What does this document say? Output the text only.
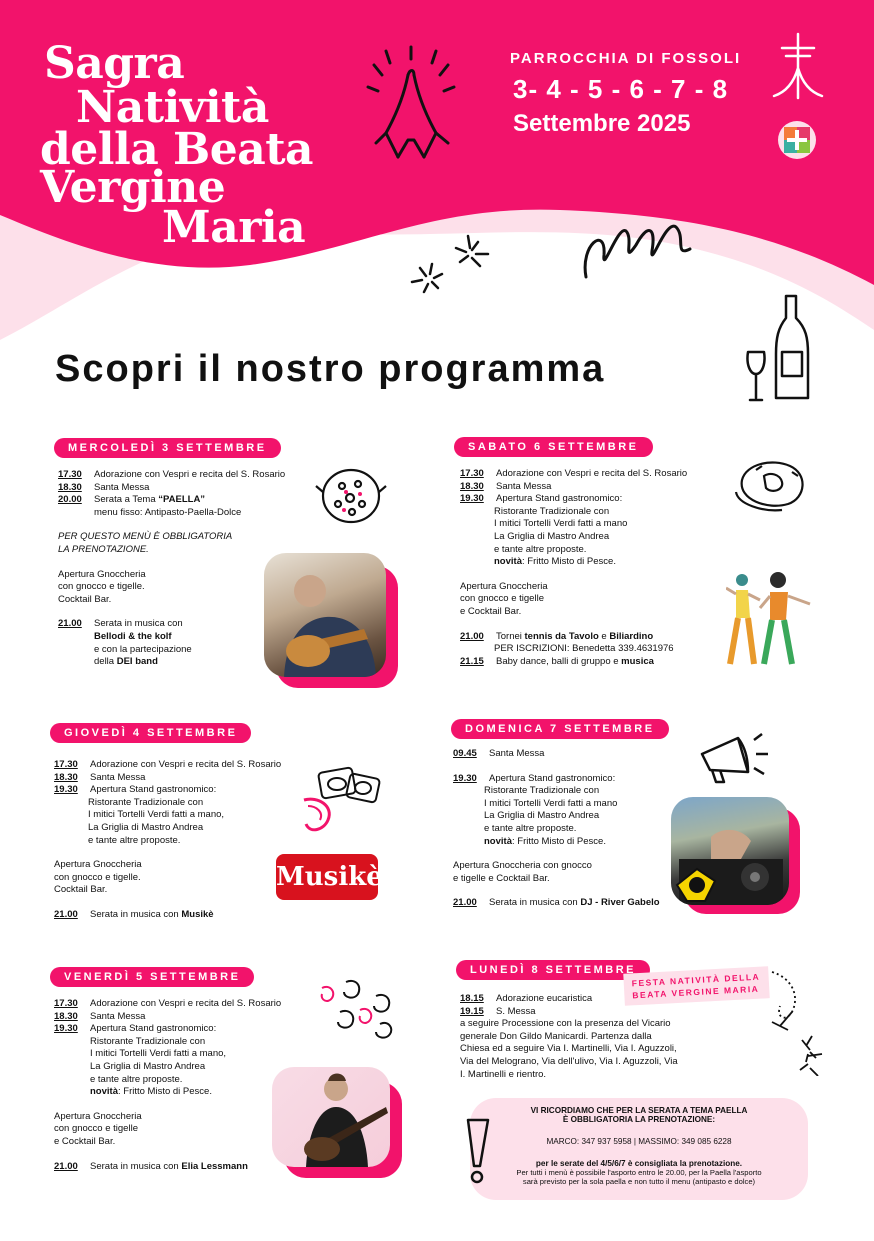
Sagra
Natività
della Beata
Vergine
Maria
PARROCCHIA DI FOSSOLI
3- 4 - 5 - 6 - 7 - 8
Settembre 2025
Scopri il nostro programma
MERCOLEDÌ 3 SETTEMBRE
17.30	Adorazione con Vespri e recita del S. Rosario
18.30	Santa Messa
20.00	Serata a Tema “PAELLA”
menu fisso: Antipasto-Paella-Dolce
PER QUESTO MENÙ È OBBLIGATORIA
LA PRENOTAZIONE.
Apertura Gnoccheria
con gnocco e tigelle.
Cocktail Bar.
21.00	Serata in musica con
Bellodi & the kolf
e con la partecipazione
della DEI band
GIOVEDÌ 4 SETTEMBRE
17.30	Adorazione con Vespri e recita del S. Rosario
18.30	Santa Messa
19.30	Apertura Stand gastronomico:
Ristorante Tradizionale con
I mitici Tortelli Verdi fatti a mano,
La Griglia di Mastro Andrea
e tante altre proposte.
Apertura Gnoccheria
con gnocco e tigelle.
Cocktail Bar.
21.00	Serata in musica con Musikè
Musikè
VENERDÌ 5 SETTEMBRE
17.30	Adorazione con Vespri e recita del S. Rosario
18.30	Santa Messa
19.30	Apertura Stand gastronomico:
Ristorante Tradizionale con
I mitici Tortelli Verdi fatti a mano,
La Griglia di Mastro Andrea
e tante altre proposte.
novità: Fritto Misto di Pesce.
Apertura Gnoccheria
con gnocco e tigelle
e Cocktail Bar.
21.00	Serata in musica con Elia Lessmann
SABATO 6 SETTEMBRE
17.30	Adorazione con Vespri e recita del S. Rosario
18.30	Santa Messa
19.30	Apertura Stand gastronomico:
Ristorante Tradizionale con
I mitici Tortelli Verdi fatti a mano
La Griglia di Mastro Andrea
e tante altre proposte.
novità: Fritto Misto di Pesce.
Apertura Gnoccheria
con gnocco e tigelle
e Cocktail Bar.
21.00	Tornei tennis da Tavolo e Biliardino
PER ISCRIZIONI: Benedetta 339.4631976
21.15	Baby dance, balli di gruppo e musica
DOMENICA 7 SETTEMBRE
09.45	Santa Messa
19.30	Apertura Stand gastronomico:
Ristorante Tradizionale con
I mitici Tortelli Verdi fatti a mano
La Griglia di Mastro Andrea
e tante altre proposte.
novità: Fritto Misto di Pesce.
Apertura Gnoccheria con gnocco
e tigelle e Cocktail Bar.
21.00	Serata in musica con DJ - River Gabelo
LUNEDÌ 8 SETTEMBRE
FESTA NATIVITÀ DELLA
BEATA VERGINE MARIA
18.15	Adorazione eucaristica
19.15	S. Messa
a seguire Processione con la presenza del Vicario
generale Don Gildo Manicardi. Partenza dalla
Chiesa ed a seguire Via I. Martinelli, Via I. Aguzzoli,
Via del Melograno, Via dell'ulivo, Via I. Aguzzoli, Via
I. Martinelli e rientro.
VI RICORDIAMO CHE PER LA SERATA A TEMA PAELLA
È OBBLIGATORIA LA PRENOTAZIONE:
MARCO: 347 937 5958 | MASSIMO: 349 085 6228
per le serate del 4/5/6/7 è consigliata la prenotazione.
Per tutti i menù è possibile l'asporto entro le 20.00, per la Paella l'asporto
sarà previsto per la sola paella e non tutto il menu (antipasto e dolce)
